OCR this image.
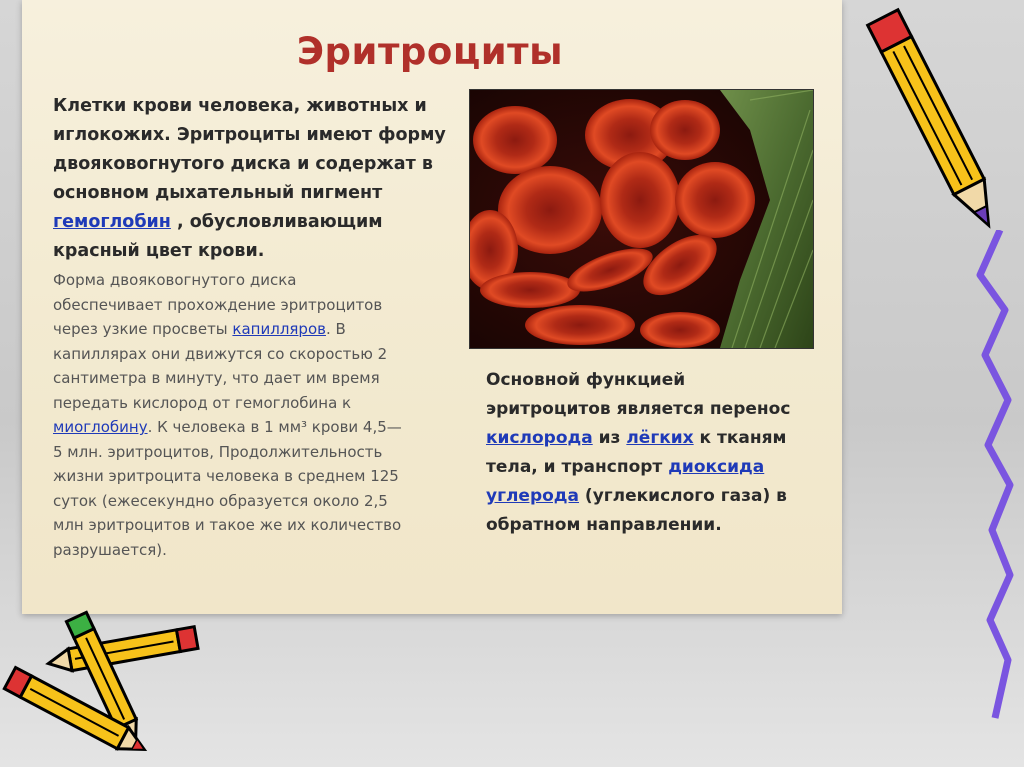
Эритроциты
Клетки крови человека, животных и иглокожих. Эритроциты имеют форму двояковогнутого диска и содержат в основном дыхательный пигмент гемоглобин , обусловливающим красный цвет крови.
Форма двояковогнутого диска обеспечивает прохождение эритроцитов через узкие просветы капилляров. В капиллярах они движутся со скоростью 2 сантиметра в минуту, что дает им время передать кислород от гемоглобина к миоглобину. К человека в 1 мм³ крови 4,5—5 млн. эритроцитов, Продолжительность жизни эритроцита человека в среднем 125 суток (ежесекундно образуется около 2,5 млн эритроцитов и такое же их количество разрушается).
Основной функцией эритроцитов является перенос кислорода из лёгких к тканям тела, и транспорт диоксида углерода (углекислого газа) в обратном направлении.
